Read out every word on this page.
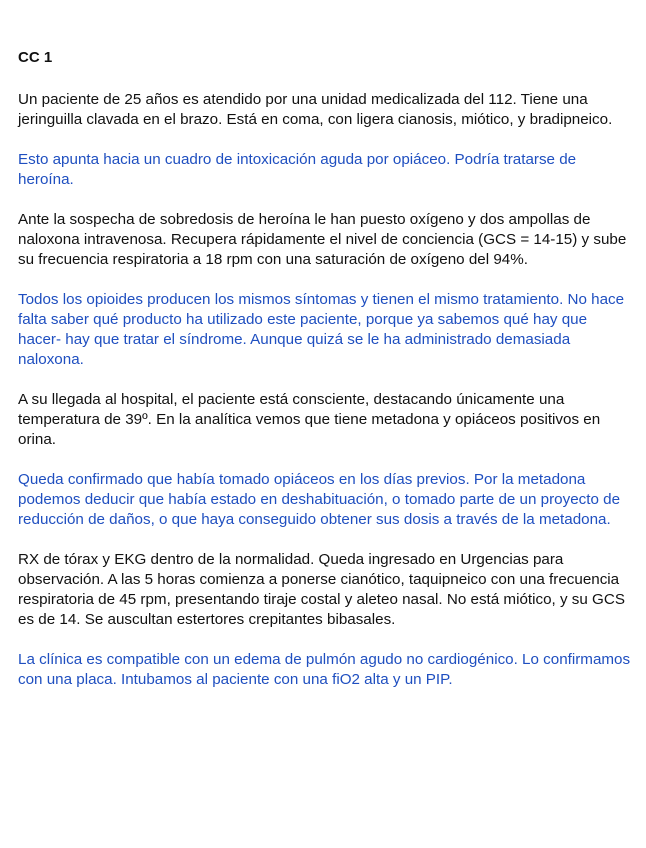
CC 1

Un paciente de 25 años es atendido por una unidad medicalizada del 112. Tiene una jeringuilla clavada en el brazo. Está en coma, con ligera cianosis, miótico, y bradipneico.

Esto apunta hacia un cuadro de intoxicación aguda por opiáceo. Podría tratarse de heroína.

Ante la sospecha de sobredosis de heroína le han puesto oxígeno y dos ampollas de naloxona intravenosa. Recupera rápidamente el nivel de conciencia (GCS = 14-15) y sube su frecuencia respiratoria a 18 rpm con una saturación de oxígeno del 94%.

Todos los opioides producen los mismos síntomas y tienen el mismo tratamiento. No hace falta saber qué producto ha utilizado este paciente, porque ya sabemos qué hay que hacer- hay que tratar el síndrome. Aunque quizá se le ha administrado demasiada naloxona.

A su llegada al hospital, el paciente está consciente, destacando únicamente una temperatura de 39º. En la analítica vemos que tiene metadona y opiáceos positivos en orina.

Queda confirmado que había tomado opiáceos en los días previos. Por la metadona podemos deducir que había estado en deshabituación, o tomado parte de un proyecto de reducción de daños, o que haya conseguido obtener sus dosis a través de la metadona.

RX de tórax y EKG dentro de la normalidad. Queda ingresado en Urgencias para observación. A las 5 horas comienza a ponerse cianótico, taquipneico con una frecuencia respiratoria de 45 rpm, presentando tiraje costal y aleteo nasal. No está miótico, y su GCS es de 14. Se auscultan estertores crepitantes bibasales.

La clínica es compatible con un edema de pulmón agudo no cardiogénico. Lo confirmamos con una placa. Intubamos al paciente con una fiO2 alta y un PIP.
